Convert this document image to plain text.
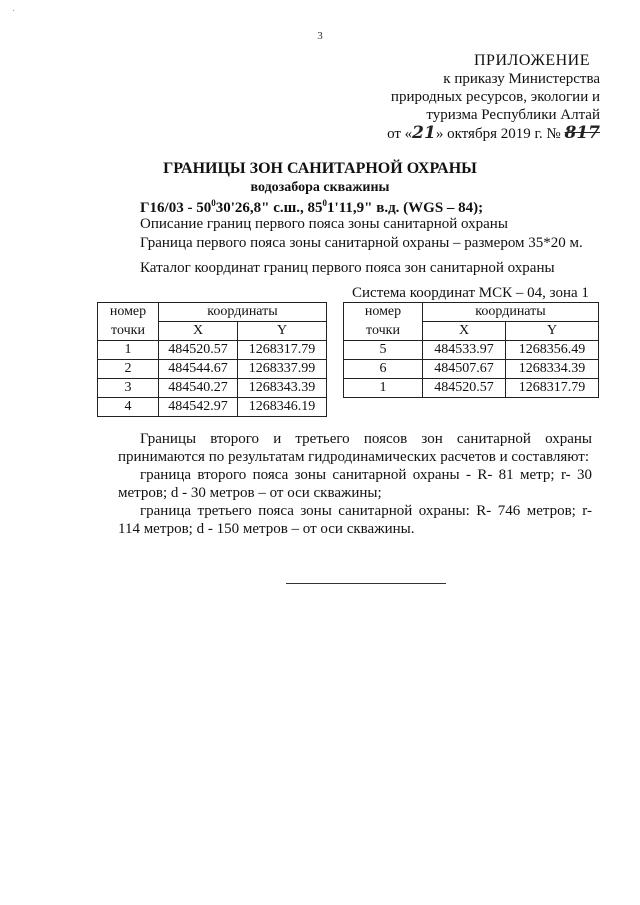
·
3
ПРИЛОЖЕНИЕ
к приказу Министерства
природных ресурсов, экологии и
туризма Республики Алтай
от «21» октября 2019 г. № 817
ГРАНИЦЫ ЗОН САНИТАРНОЙ ОХРАНЫ
водозабора скважины
$Г16/03 - 50^030'26,8$" с.ш., $85^01'11,9$" в.д. (WGS – 84);
Описание границ первого пояса зоны санитарной охраны
Граница первого пояса зоны санитарной охраны – размером 35*20 м.
Каталог координат границ первого пояса зон санитарной охраны
Система координат МСК – 04, зона 1
номер	координаты	
точки	X	Y
1	484520.57	1268317.79
2	484544.67	1268337.99
3	484540.27	1268343.39
4	484542.97	1268346.19
номер	координаты	
точки	X	Y
5	484533.97	1268356.49
6	484507.67	1268334.39
1	484520.57	1268317.79
Границы второго и третьего поясов зон санитарной охраны
принимаются по результатам гидродинамических расчетов и составляют:
граница второго пояса зоны санитарной охраны - R- 81 метр; r- 30
метров; d - 30 метров – от оси скважины;
граница третьего пояса зоны санитарной охраны: R- 746 метров; r-
114 метров; d - 150 метров – от оси скважины.
